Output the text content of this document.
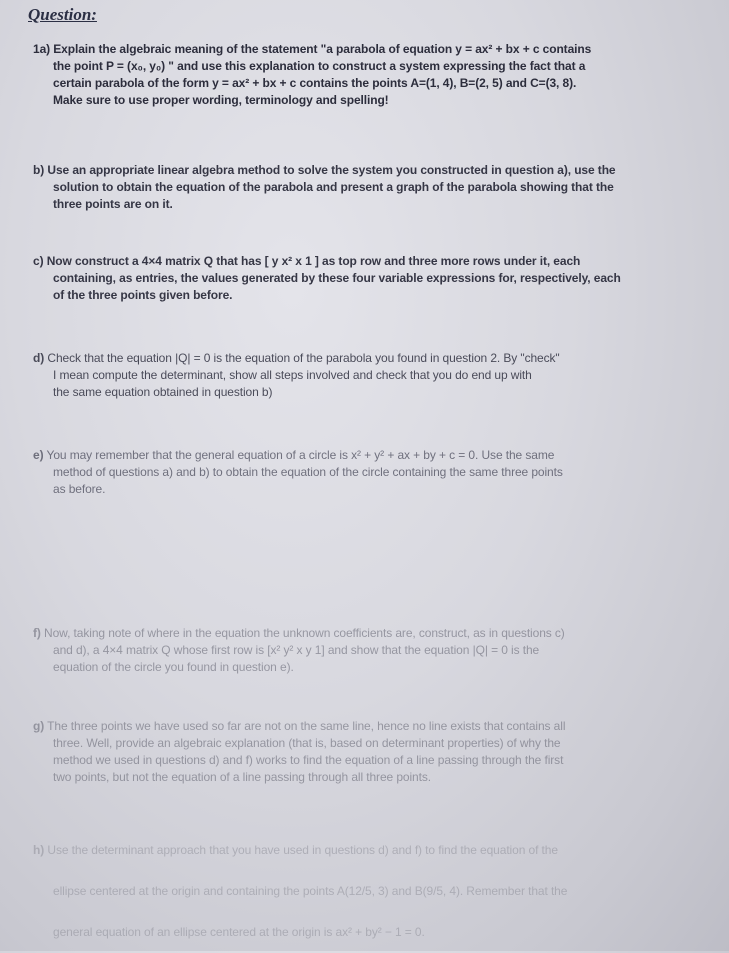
Question:
1a) Explain the algebraic meaning of the statement "a parabola of equation y = ax² + bx + c contains
the point P = (x₀, y₀) " and use this explanation to construct a system expressing the fact that a
certain parabola of the form y = ax² + bx + c contains the points A=(1, 4), B=(2, 5) and C=(3, 8).
Make sure to use proper wording, terminology and spelling!
b) Use an appropriate linear algebra method to solve the system you constructed in question a), use the
solution to obtain the equation of the parabola and present a graph of the parabola showing that the
three points are on it.
c) Now construct a 4×4 matrix Q that has [ y x² x 1 ] as top row and three more rows under it, each
containing, as entries, the values generated by these four variable expressions for, respectively, each
of the three points given before.
d) Check that the equation |Q| = 0 is the equation of the parabola you found in question 2. By "check"
I mean compute the determinant, show all steps involved and check that you do end up with
the same equation obtained in question b)
e) You may remember that the general equation of a circle is x² + y² + ax + by + c = 0. Use the same
method of questions a) and b) to obtain the equation of the circle containing the same three points
as before.
f) Now, taking note of where in the equation the unknown coefficients are, construct, as in questions c)
and d), a 4×4 matrix Q whose first row is [x² y² x y 1] and show that the equation |Q| = 0 is the
equation of the circle you found in question e).
g) The three points we have used so far are not on the same line, hence no line exists that contains all
three. Well, provide an algebraic explanation (that is, based on determinant properties) of why the
method we used in questions d) and f) works to find the equation of a line passing through the first
two points, but not the equation of a line passing through all three points.
h) Use the determinant approach that you have used in questions d) and f) to find the equation of the
ellipse centered at the origin and containing the points A(12/5, 3) and B(9/5, 4). Remember that the
general equation of an ellipse centered at the origin is ax² + by² − 1 = 0.
